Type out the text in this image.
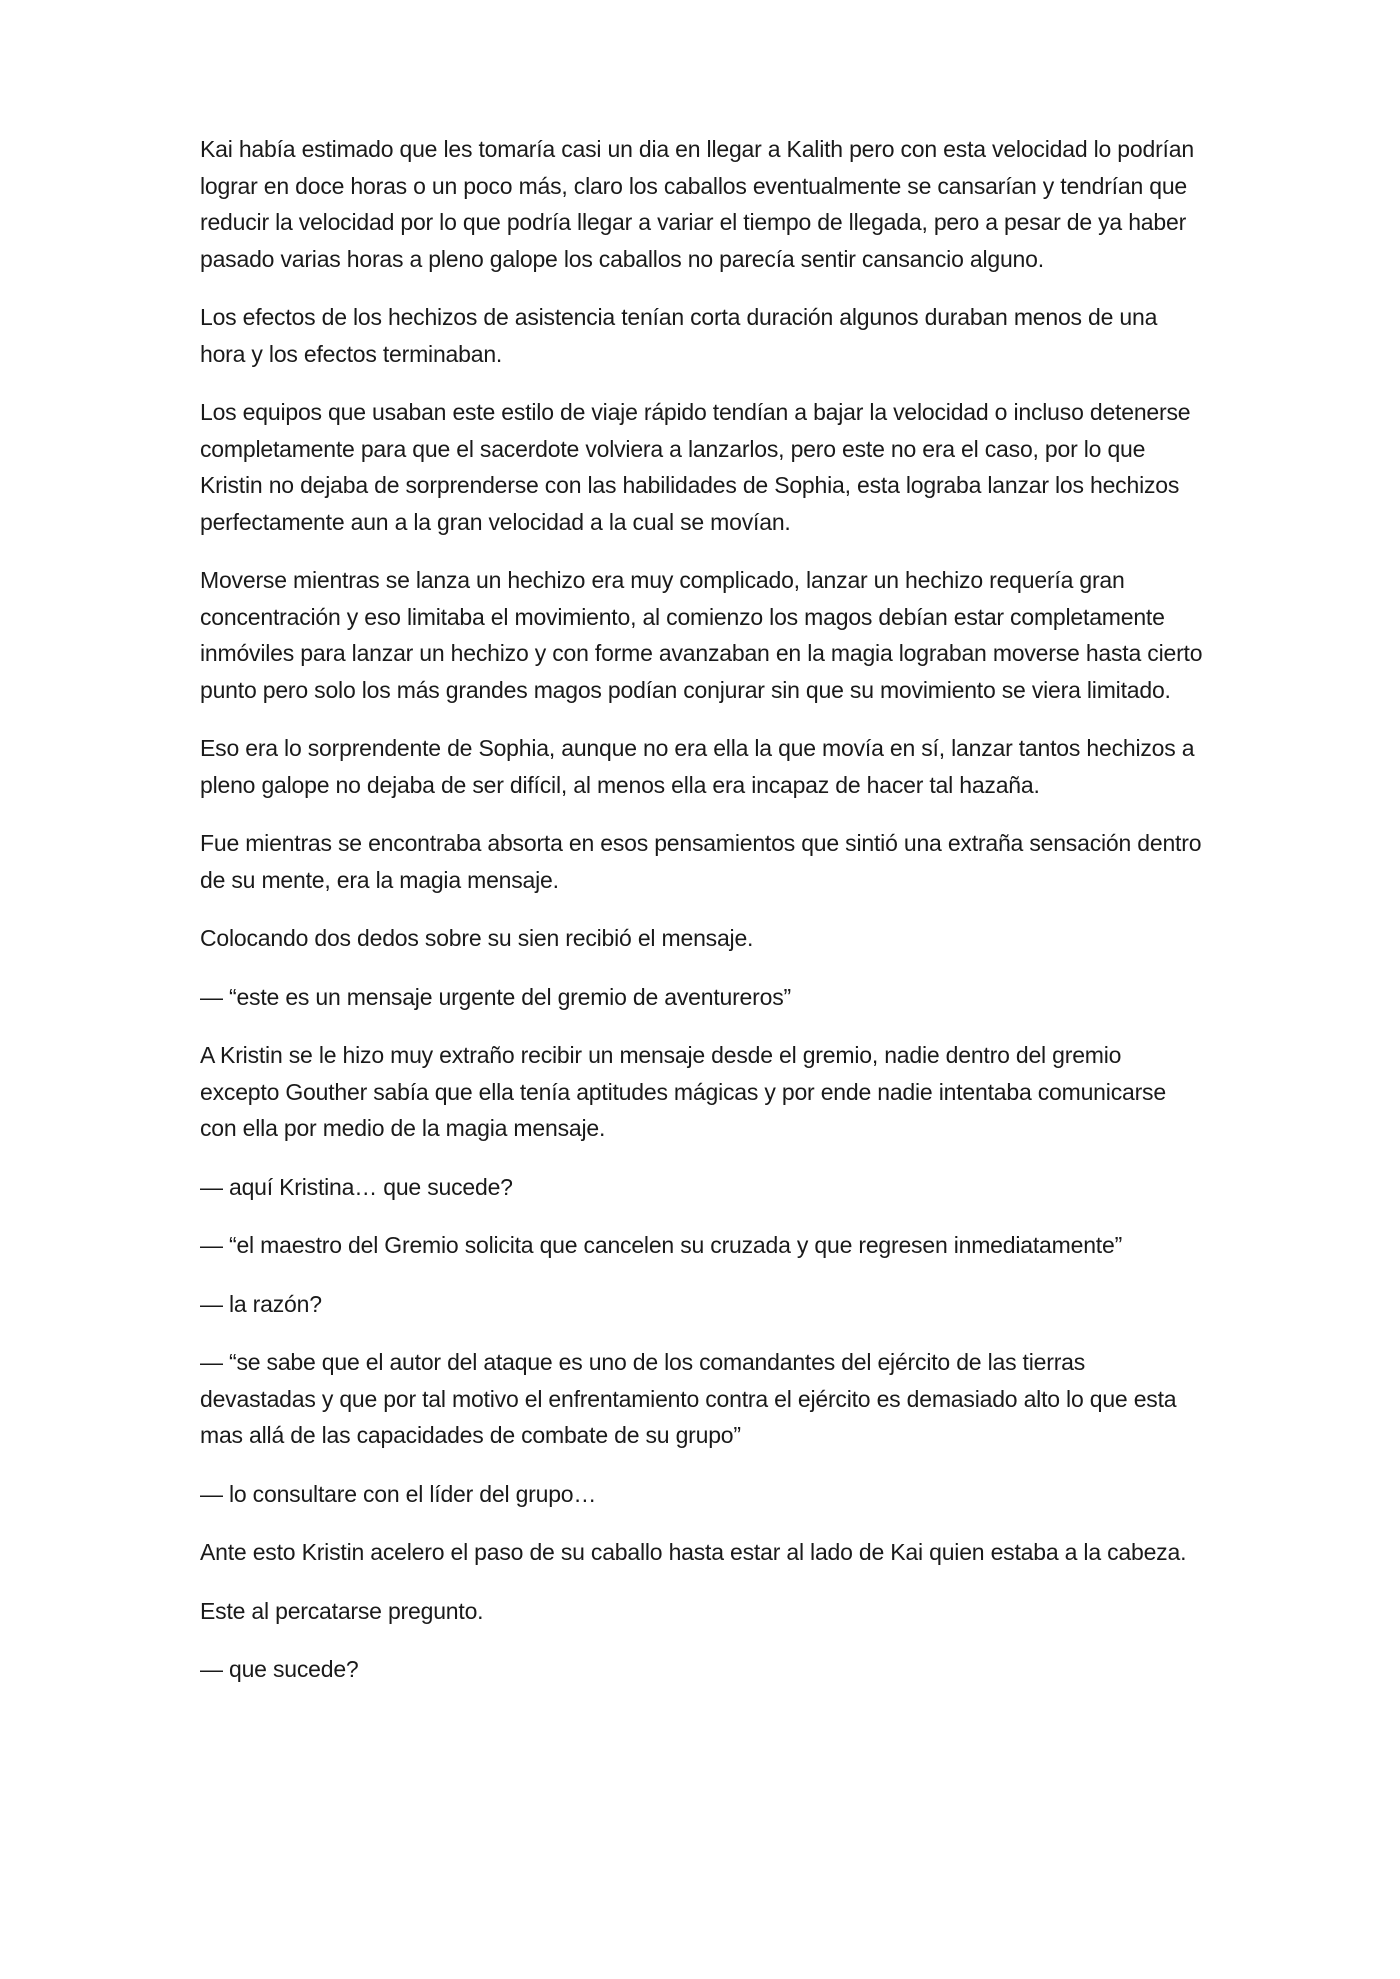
Kai había estimado que les tomaría casi un dia en llegar a Kalith pero con esta velocidad lo podrían lograr en doce horas o un poco más, claro los caballos eventualmente se cansarían y tendrían que reducir la velocidad por lo que podría llegar a variar el tiempo de llegada, pero a pesar de ya haber pasado varias horas a pleno galope los caballos no parecía sentir cansancio alguno.

Los efectos de los hechizos de asistencia tenían corta duración algunos duraban menos de una hora y los efectos terminaban.

Los equipos que usaban este estilo de viaje rápido tendían a bajar la velocidad o incluso detenerse completamente para que el sacerdote volviera a lanzarlos, pero este no era el caso, por lo que Kristin no dejaba de sorprenderse con las habilidades de Sophia, esta lograba lanzar los hechizos perfectamente aun a la gran velocidad a la cual se movían.

Moverse mientras se lanza un hechizo era muy complicado, lanzar un hechizo requería gran concentración y eso limitaba el movimiento, al comienzo los magos debían estar completamente inmóviles para lanzar un hechizo y con forme avanzaban en la magia lograban moverse hasta cierto punto pero solo los más grandes magos podían conjurar sin que su movimiento se viera limitado.

Eso era lo sorprendente de Sophia, aunque no era ella la que movía en sí, lanzar tantos hechizos a pleno galope no dejaba de ser difícil, al menos ella era incapaz de hacer tal hazaña.

Fue mientras se encontraba absorta en esos pensamientos que sintió una extraña sensación dentro de su mente, era la magia mensaje.

Colocando dos dedos sobre su sien recibió el mensaje.

— “este es un mensaje urgente del gremio de aventureros”

A Kristin se le hizo muy extraño recibir un mensaje desde el gremio, nadie dentro del gremio excepto Gouther sabía que ella tenía aptitudes mágicas y por ende nadie intentaba comunicarse con ella por medio de la magia mensaje.

— aquí Kristina… que sucede?

— “el maestro del Gremio solicita que cancelen su cruzada y que regresen inmediatamente”

— la razón?

— “se sabe que el autor del ataque es uno de los comandantes del ejército de las tierras devastadas y que por tal motivo el enfrentamiento contra el ejército es demasiado alto lo que esta mas allá de las capacidades de combate de su grupo”

— lo consultare con el líder del grupo…

Ante esto Kristin acelero el paso de su caballo hasta estar al lado de Kai quien estaba a la cabeza.

Este al percatarse pregunto.

— que sucede?
